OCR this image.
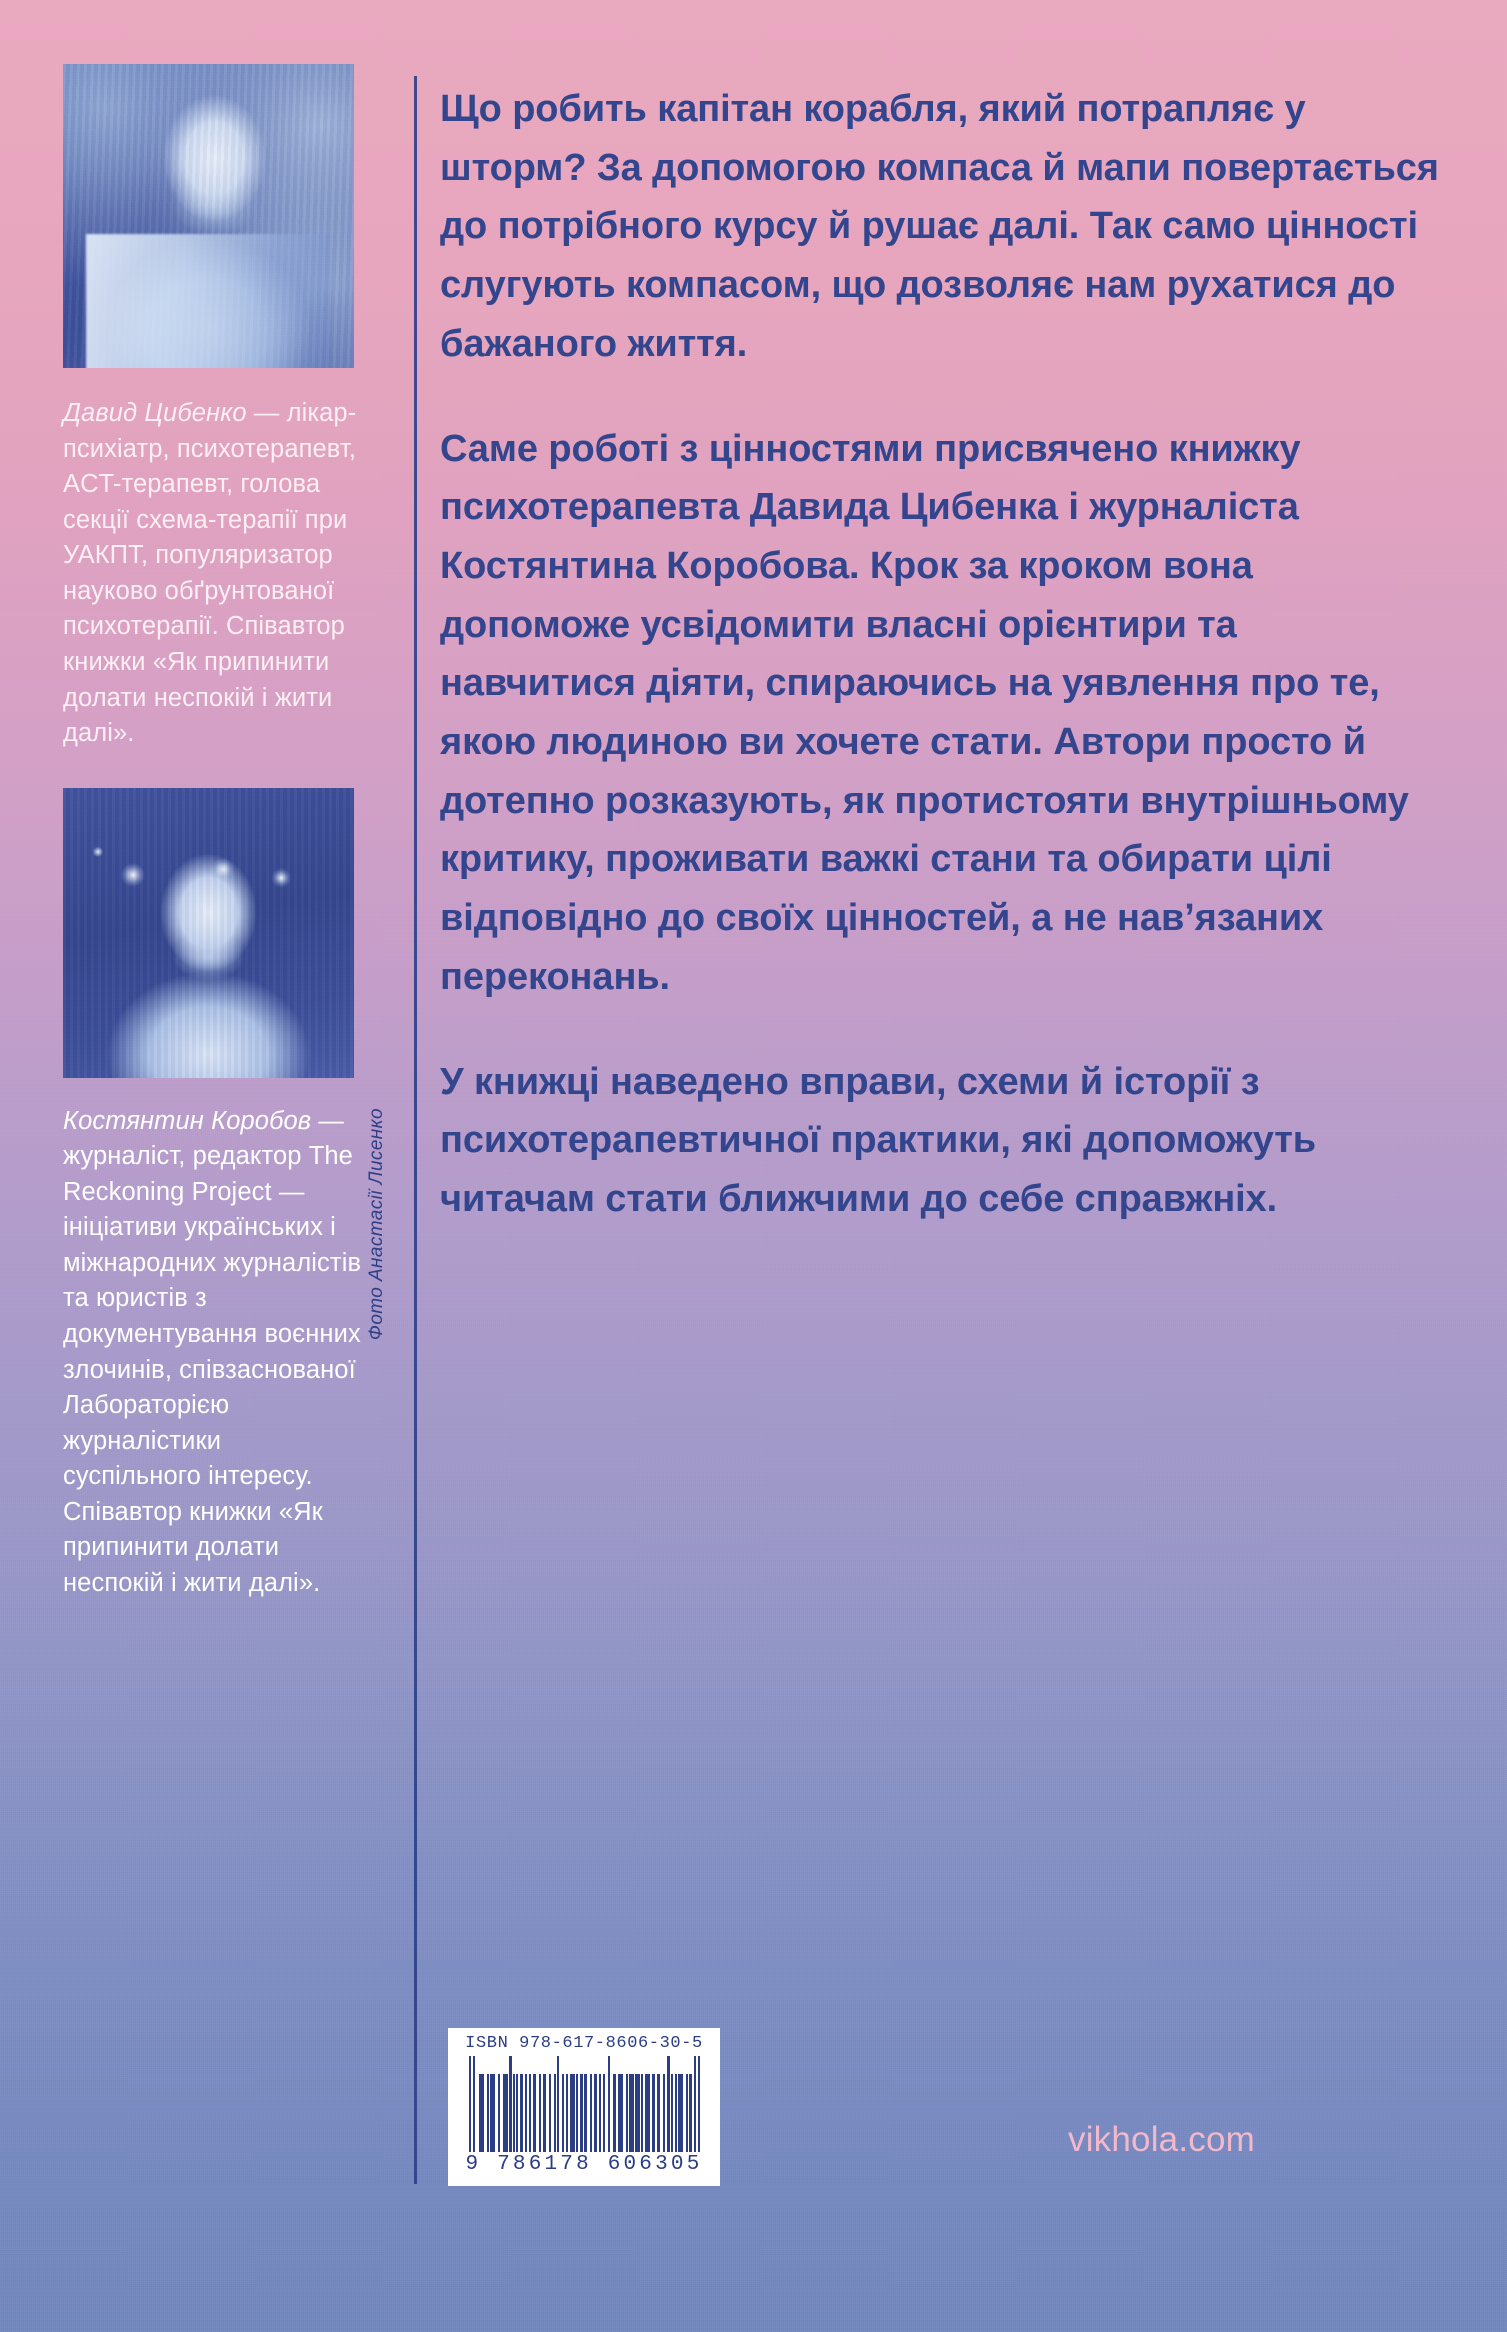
Давид Цибенко — лікар-психіатр, психотерапевт, ACT-терапевт, голова секції схема-терапії при УАКПТ, популяризатор науково обґрунтованої психотерапії. Співавтор книжки «Як припинити долати неспокій і жити далі».

Костянтин Коробов — журналіст, редактор The Reckoning Project — ініціативи українських і міжнародних журналістів та юристів з документування воєнних злочинів, співзаснованої Лабораторією журналістики суспільного інтересу. Співавтор книжки «Як припинити долати неспокій і жити далі».

Фото Анастасії Лисенко

Що робить капітан корабля, який потрапляє у шторм? За допомогою компаса й мапи повертається до потрібного курсу й рушає далі. Так само цінності слугують компасом, що дозволяє нам рухатися до бажаного життя.

Саме роботі з цінностями присвячено книжку психотерапевта Давида Цибенка і журналіста Костянтина Коробова. Крок за кроком вона допоможе усвідомити власні орієнтири та навчитися діяти, спираючись на уявлення про те, якою людиною ви хочете стати. Автори просто й дотепно розказують, як протистояти внутрішньому критику, проживати важкі стани та обирати цілі відповідно до своїх цінностей, а не нав’язаних переконань.

У книжці наведено вправи, схеми й історії з психотерапевтичної практики, які допоможуть читачам стати ближчими до себе справжніх.

ISBN 978-617-8606-30-5
9 786178 606305
vikhola.com
